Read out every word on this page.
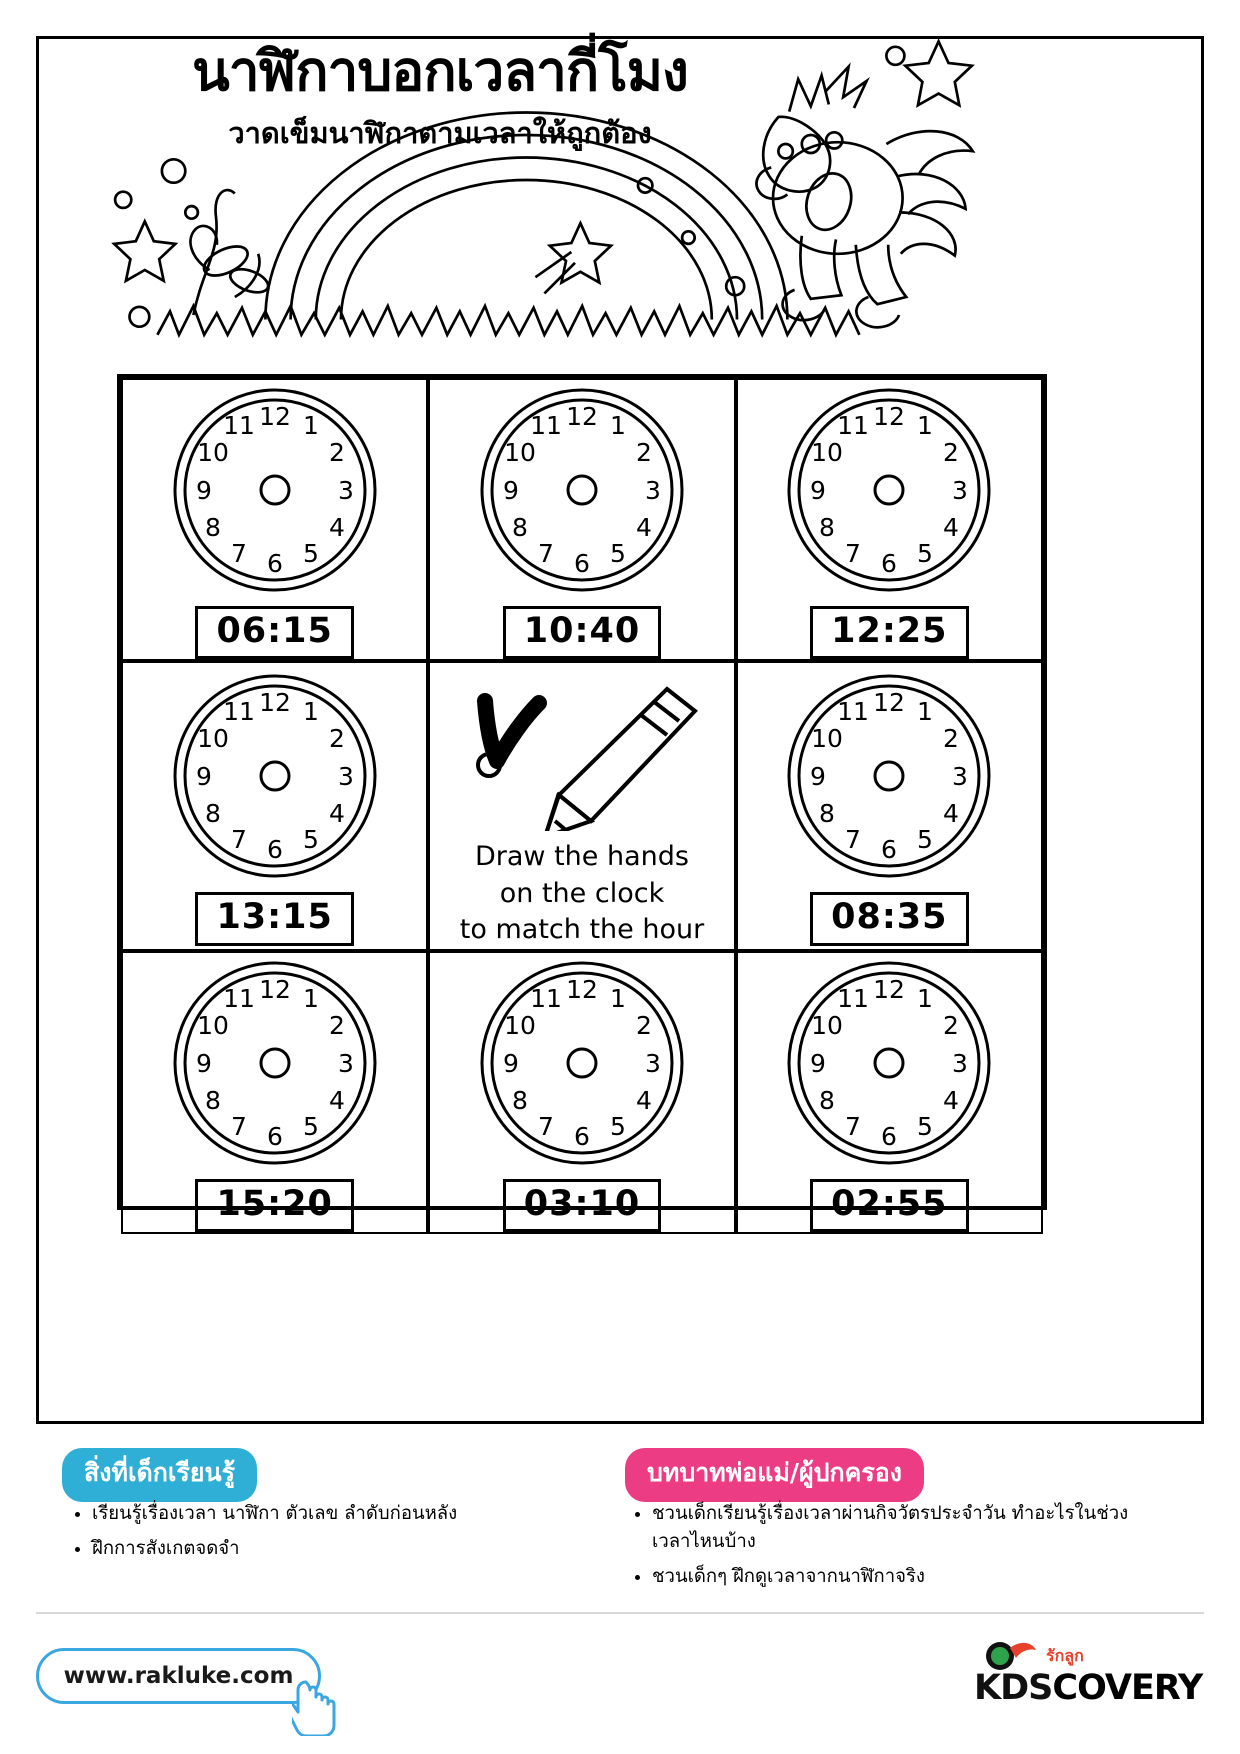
นาฬิกาบอกเวลากี่โมง
วาดเข็มนาฬิกาตามเวลาให้ถูกต้อง
12 1
2
3
4
5
6
7
8
9
10
11
06:15
12 1
2
3
4
5
6
7
8
9
10
11
10:40
12 1
2
3
4
5
6
7
8
9
10
11
12:25
12 1
2
3
4
5
6
7
8
9
10
11
13:15
Draw the hands
on the clock
to match the hour
12 1
2
3
4
5
6
7
8
9
10
11
08:35
12 1
2
3
4
5
6
7
8
9
10
11
15:20
12 1
2
3
4
5
6
7
8
9
10
11
03:10
12 1
2
3
4
5
6
7
8
9
10
11
02:55
สิ่งที่เด็กเรียนรู้
• เรียนรู้เรื่องเวลา นาฬิกา ตัวเลข ลำดับก่อนหลัง
• ฝึกการสังเกตจดจำ
บทบาทพ่อแม่/ผู้ปกครอง
• ชวนเด็กเรียนรู้เรื่องเวลาผ่านกิจวัตรประจำวัน ทำอะไรในช่วงเวลาไหนบ้าง
• ชวนเด็กๆ ฝึกดูเวลาจากนาฬิกาจริง
www.rakluke.com
รักลูก
KDSCOVERY
